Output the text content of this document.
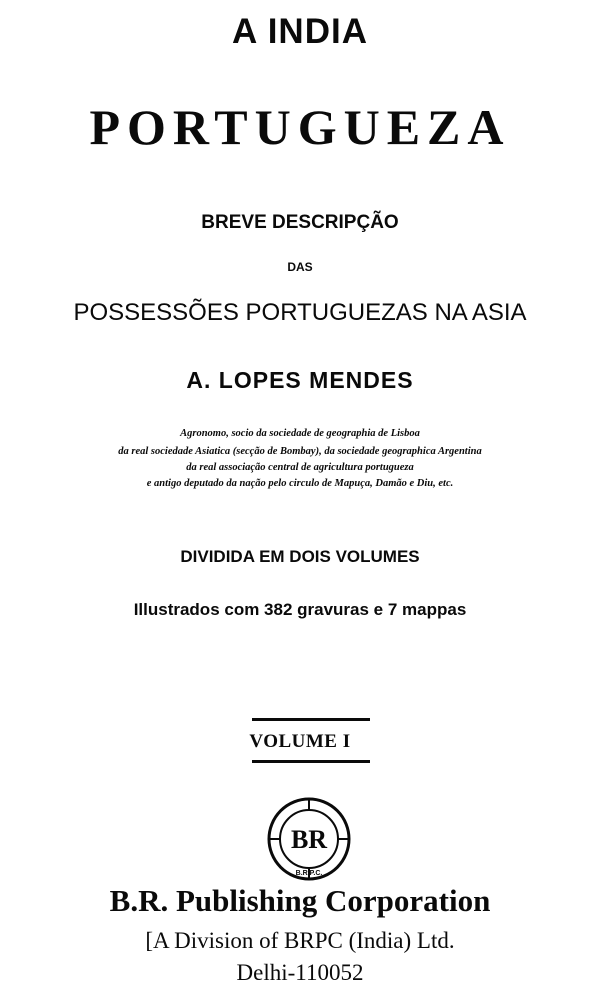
A INDIA
PORTUGUEZA
BREVE DESCRIPÇÃO
DAS
POSSESSÕES PORTUGUEZAS NA ASIA
A. LOPES MENDES
Agronomo, socio da sociedade de geographia de Lisboa
da real sociedade Asiatica (secção de Bombay), da sociedade geographica Argentina
da real associação central de agricultura portugueza
e antigo deputado da nação pelo circulo de Mapuça, Damão e Diu, etc.
DIVIDIDA EM DOIS VOLUMES
Illustrados com 382 gravuras e 7 mappas
VOLUME I
BR
B.R.P.C.
B.R. Publishing Corporation
[A Division of BRPC (India) Ltd.
Delhi-110052
